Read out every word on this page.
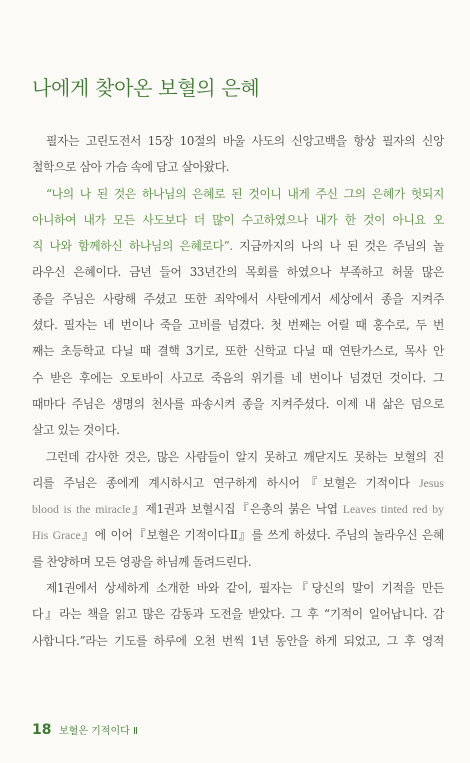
나에게 찾아온 보혈의 은혜
필자는 고린도전서 15장 10절의 바울 사도의 신앙고백을 항상 필자의 신앙
철학으로 삼아 가슴 속에 담고 살아왔다.
“나의 나 된 것은 하나님의 은혜로 된 것이니 내게 주신 그의 은혜가 헛되지
아니하여 내가 모든 사도보다 더 많이 수고하였으나 내가 한 것이 아니요 오
직 나와 함께하신 하나님의 은혜로다”. 지금까지의 나의 나 된 것은 주님의 놀
라우신 은혜이다. 금년 들어 33년간의 목회를 하였으나 부족하고 허물 많은
종을 주님은 사랑해 주셨고 또한 죄악에서 사탄에게서 세상에서 종을 지켜주
셨다. 필자는 네 번이나 죽을 고비를 넘겼다. 첫 번째는 어릴 때 홍수로, 두 번
째는 초등학교 다닐 때 결핵 3기로, 또한 신학교 다닐 때 연탄가스로, 목사 안
수 받은 후에는 오토바이 사고로 죽음의 위기를 네 번이나 넘겼던 것이다. 그
때마다 주님은 생명의 천사를 파송시켜 종을 지켜주셨다. 이제 내 삶은 덤으로
살고 있는 것이다.
그런데 감사한 것은, 많은 사람들이 알지 못하고 깨닫지도 못하는 보혈의 진
리를 주님은 종에게 계시하시고 연구하게 하시어『보혈은 기적이다 Jesus
blood is the miracle』제1권과 보혈시집『은총의 붉은 낙엽 Leaves tinted red by
His Grace』에 이어『보혈은 기적이다Ⅱ』를 쓰게 하셨다. 주님의 놀라우신 은혜
를 찬양하며 모든 영광을 하님께 돌려드린다.
제1권에서 상세하게 소개한 바와 같이, 필자는『당신의 말이 기적을 만든
다』라는 책을 읽고 많은 감동과 도전을 받았다. 그 후 “기적이 일어납니다. 감
사합니다.”라는 기도를 하루에 오천 번씩 1년 동안을 하게 되었고, 그 후 영적
18 보혈은 기적이다 Ⅱ
